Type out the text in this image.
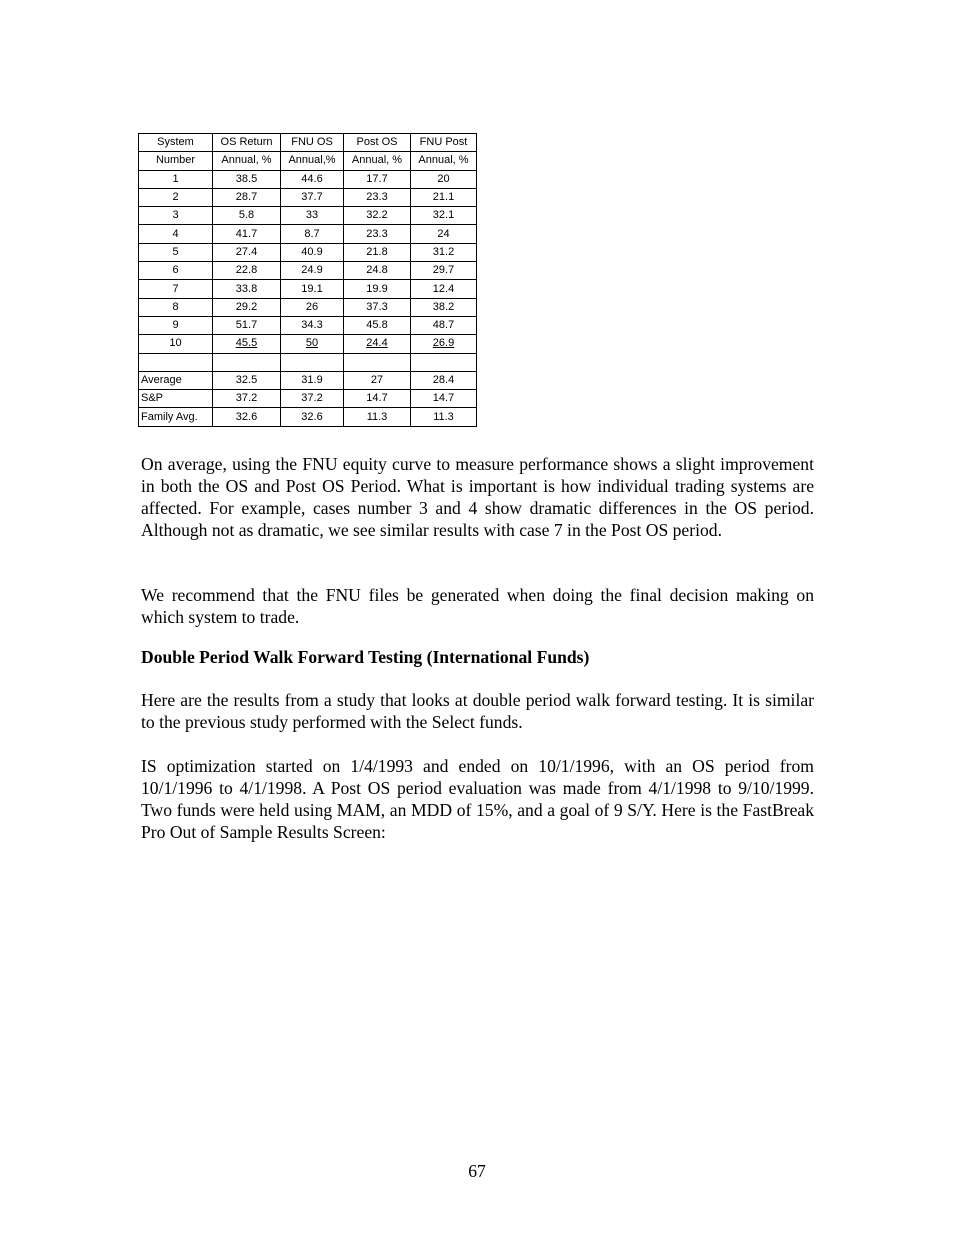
System	OS Return	FNU OS	Post OS	FNU Post
Number	Annual, %	Annual,%	Annual, %	Annual, %
1	38.5	44.6	17.7	20
2	28.7	37.7	23.3	21.1
3	5.8	33	32.2	32.1
4	41.7	8.7	23.3	24
5	27.4	40.9	21.8	31.2
6	22.8	24.9	24.8	29.7
7	33.8	19.1	19.9	12.4
8	29.2	26	37.3	38.2
9	51.7	34.3	45.8	48.7
10	45.5	50	24.4	26.9

Average	32.5	31.9	27	28.4
S&P	37.2	37.2	14.7	14.7
Family Avg.	32.6	32.6	11.3	11.3

On average, using the FNU equity curve to measure performance shows a slight improvement in both the OS and Post OS Period. What is important is how individual trading systems are affected. For example, cases number 3 and 4 show dramatic differences in the OS period. Although not as dramatic, we see similar results with case 7 in the Post OS period.

We recommend that the FNU files be generated when doing the final decision making on which system to trade.

Double Period Walk Forward Testing (International Funds)

Here are the results from a study that looks at double period walk forward testing. It is similar to the previous study performed with the Select funds.

IS optimization started on 1/4/1993 and ended on 10/1/1996, with an OS period from 10/1/1996 to 4/1/1998. A Post OS period evaluation was made from 4/1/1998 to 9/10/1999. Two funds were held using MAM, an MDD of 15%, and a goal of 9 S/Y. Here is the FastBreak Pro Out of Sample Results Screen:

67
